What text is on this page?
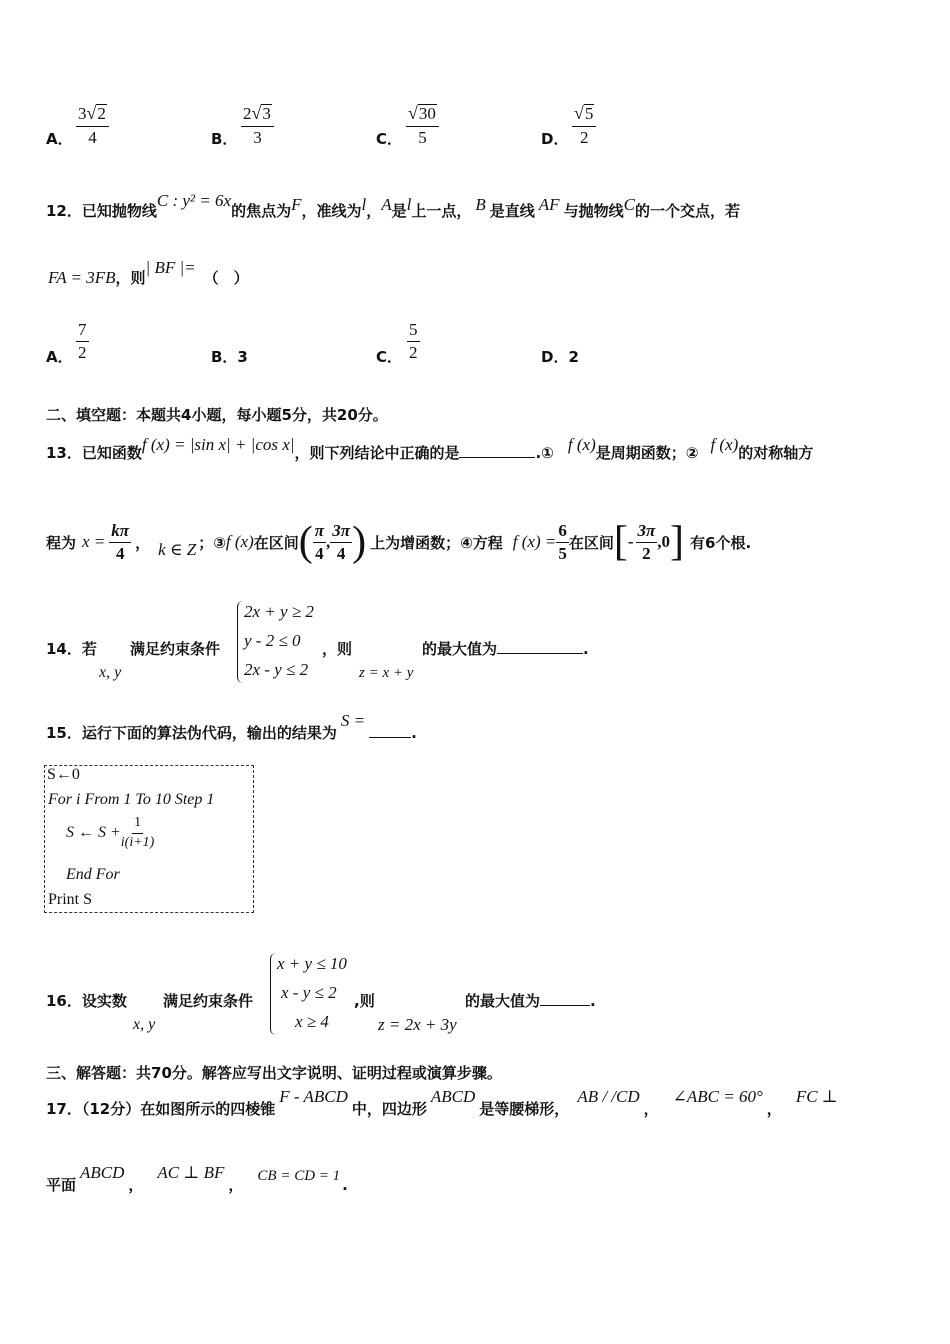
A． $\frac{3 √ 2}{4}$	B． $\frac{2 √ 3}{3}$	C． $\frac{√ 30}{5}$	D． $\frac{√ 5}{2}$
12．已知抛物线C : y² = 6x的焦点为F，准线为l，A是l上一点， B 是直线 AF 与抛物线C的一个交点，若
FA = 3FB，则| BF |=（　）
A． $\frac{7}{2}$	B．3	C． $\frac{5}{2}$	D．2
二、填空题：本题共4小题，每小题5分，共20分。
13．已知函数f (x) = |sin x| + |cos x|，则下列结论中正确的是	.① f (x)是周期函数；② f (x)的对称轴方
程为 $x = \frac{k\pi}{4}$ ， k ∈ Z ；③ f (x) 在区间 ( $\frac{\pi}{4}$ , $\frac{3\pi}{4}$ ) 上为增函数；④方程 f $(x) = \frac{6}{5}$ 在区间 [ - $\frac{3\pi}{2} ,0$ ] 有6个根.
14．若
x, y
满足约束条件
2x + y ≥ 2
y - 2 ≤ 0
2x - y ≤ 2
，则
z = x + y
的最大值为	.
15．运行下面的算法伪代码，输出的结果为S =.
S←0
For i From 1 To 10 Step 1
S ← $S + \frac{1}{i(i+1)}$
End For
Print S
16．设实数
x, y
满足约束条件
x + y ≤ 10
x - y ≤ 2
x ≥ 4
,则
z = 2x + 3y
的最大值为	.
三、解答题：共70分。解答应写出文字说明、证明过程或演算步骤。
17．（12分）在如图所示的四棱锥F - ABCD中，四边形ABCD是等腰梯形，AB / /CD，∠ABC = 60°，FC ⊥
平面ABCD，AC ⊥ BF， CB = CD = 1 .
